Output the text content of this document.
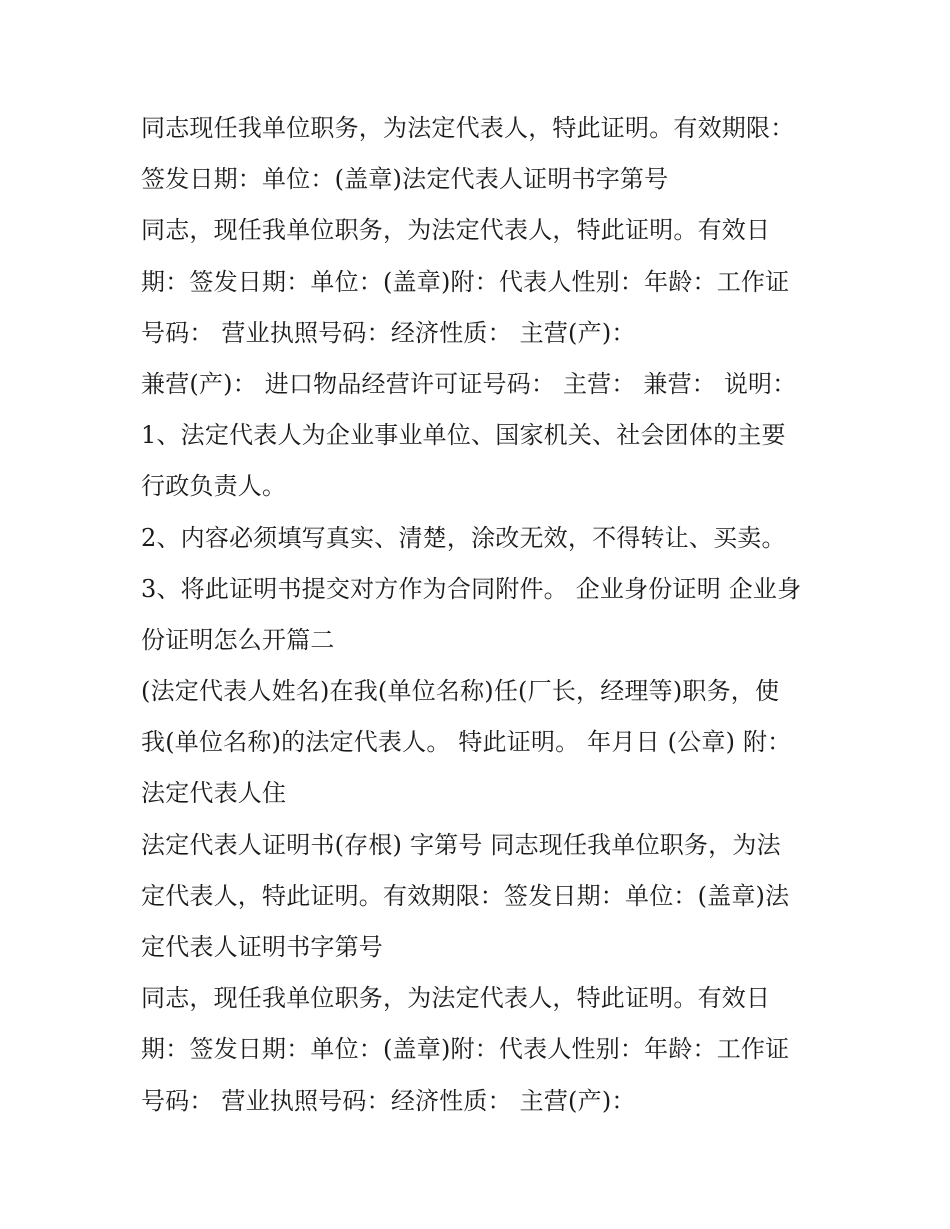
同志现任我单位职务，为法定代表人，特此证明。有效期限：
签发日期：单位：(盖章)法定代表人证明书字第号
同志，现任我单位职务，为法定代表人，特此证明。有效日
期：签发日期：单位：(盖章)附：代表人性别：年龄：工作证
号码： 营业执照号码：经济性质： 主营(产)：
兼营(产)： 进口物品经营许可证号码： 主营： 兼营： 说明：
1、法定代表人为企业事业单位、国家机关、社会团体的主要
行政负责人。
2、内容必须填写真实、清楚，涂改无效，不得转让、买卖。
3、将此证明书提交对方作为合同附件。 企业身份证明 企业身
份证明怎么开篇二
(法定代表人姓名)在我(单位名称)任(厂长，经理等)职务，使
我(单位名称)的法定代表人。 特此证明。 年月日 (公章) 附：
法定代表人住
法定代表人证明书(存根) 字第号 同志现任我单位职务，为法
定代表人，特此证明。有效期限：签发日期：单位：(盖章)法
定代表人证明书字第号
同志，现任我单位职务，为法定代表人，特此证明。有效日
期：签发日期：单位：(盖章)附：代表人性别：年龄：工作证
号码： 营业执照号码：经济性质： 主营(产)：
